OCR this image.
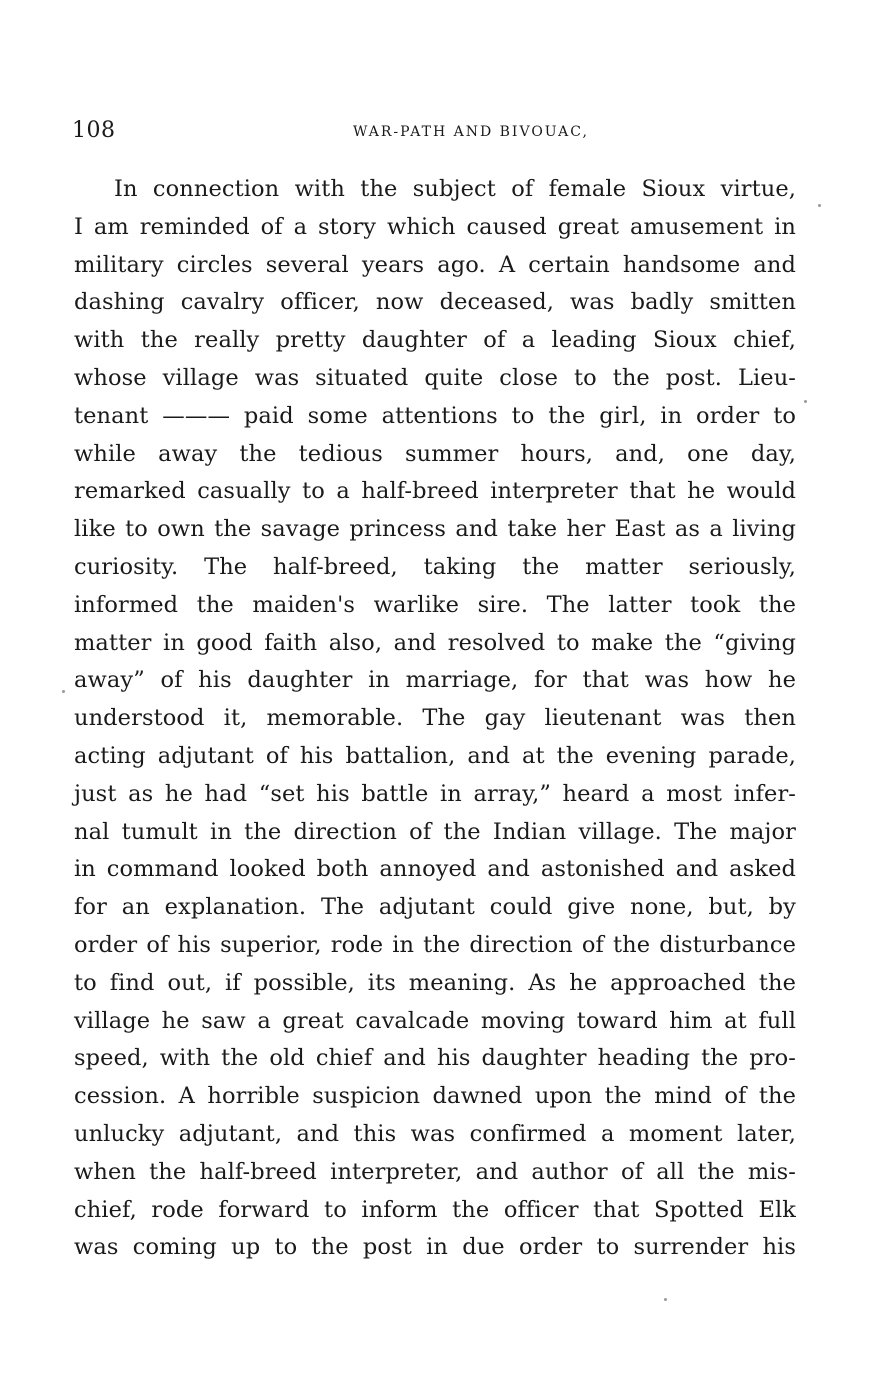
108	WAR-PATH AND BIVOUAC,
In connection with the subject of female Sioux virtue,
I am reminded of a story which caused great amusement in
military circles several years ago. A certain handsome and
dashing cavalry officer, now deceased, was badly smitten
with the really pretty daughter of a leading Sioux chief,
whose village was situated quite close to the post. Lieu-
tenant ——— paid some attentions to the girl, in order to
while away the tedious summer hours, and, one day,
remarked casually to a half-breed interpreter that he would
like to own the savage princess and take her East as a living
curiosity. The half-breed, taking the matter seriously,
informed the maiden's warlike sire. The latter took the
matter in good faith also, and resolved to make the “giving
away” of his daughter in marriage, for that was how he
understood it, memorable. The gay lieutenant was then
acting adjutant of his battalion, and at the evening parade,
just as he had “set his battle in array,” heard a most infer-
nal tumult in the direction of the Indian village. The major
in command looked both annoyed and astonished and asked
for an explanation. The adjutant could give none, but, by
order of his superior, rode in the direction of the disturbance
to find out, if possible, its meaning. As he approached the
village he saw a great cavalcade moving toward him at full
speed, with the old chief and his daughter heading the pro-
cession. A horrible suspicion dawned upon the mind of the
unlucky adjutant, and this was confirmed a moment later,
when the half-breed interpreter, and author of all the mis-
chief, rode forward to inform the officer that Spotted Elk
was coming up to the post in due order to surrender his
